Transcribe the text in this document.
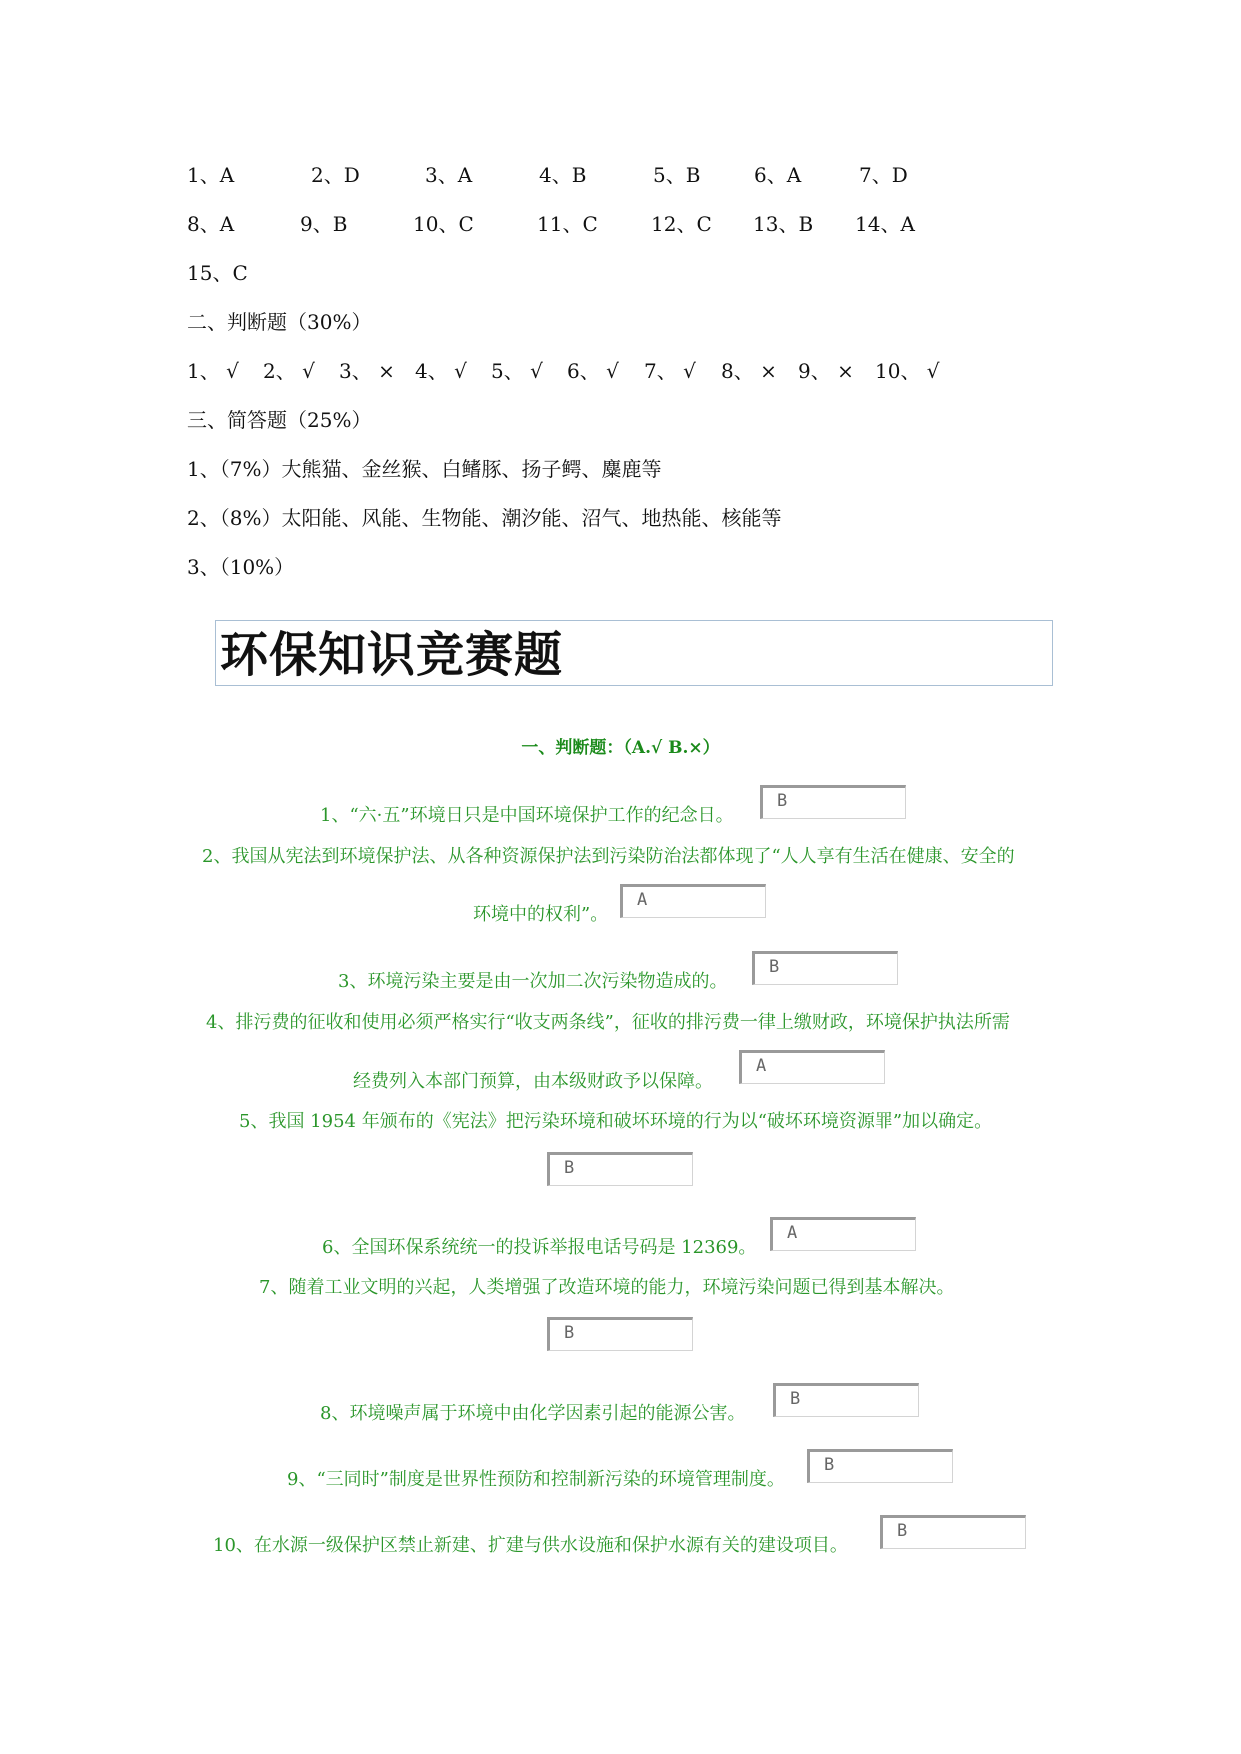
1、A	2、D	3、A	4、B	5、B	6、A	7、D
8、A	9、B	10、C	11、C	12、C 13、B 14、A
15、C
二、判断题（30%）
1、 √ 2、 √ 3、 × 4、 √ 5、 √ 6、 √ 7、 √ 8、 × 9、 × 10、 √
三、简答题（25%）
1、（7%）大熊猫、金丝猴、白鳍豚、扬子鳄、麋鹿等
2、（8%）太阳能、风能、生物能、潮汐能、沼气、地热能、核能等
3、（10%）
环保知识竞赛题
一、判断题：（A.√ B.×）
1、“六·五”环境日只是中国环境保护工作的纪念日。
B
2、我国从宪法到环境保护法、从各种资源保护法到污染防治法都体现了“人人享有生活在健康、安全的
环境中的权利”。
A
3、环境污染主要是由一次加二次污染物造成的。
B
4、排污费的征收和使用必须严格实行“收支两条线”，征收的排污费一律上缴财政，环境保护执法所需
经费列入本部门预算，由本级财政予以保障。
A
5、我国 1954 年颁布的《宪法》把污染环境和破坏环境的行为以“破坏环境资源罪”加以确定。
B
6、全国环保系统统一的投诉举报电话号码是 12369。
A
7、随着工业文明的兴起，人类增强了改造环境的能力，环境污染问题已得到基本解决。
B
8、环境噪声属于环境中由化学因素引起的能源公害。
B
9、“三同时”制度是世界性预防和控制新污染的环境管理制度。
B
10、在水源一级保护区禁止新建、扩建与供水设施和保护水源有关的建设项目。
B
